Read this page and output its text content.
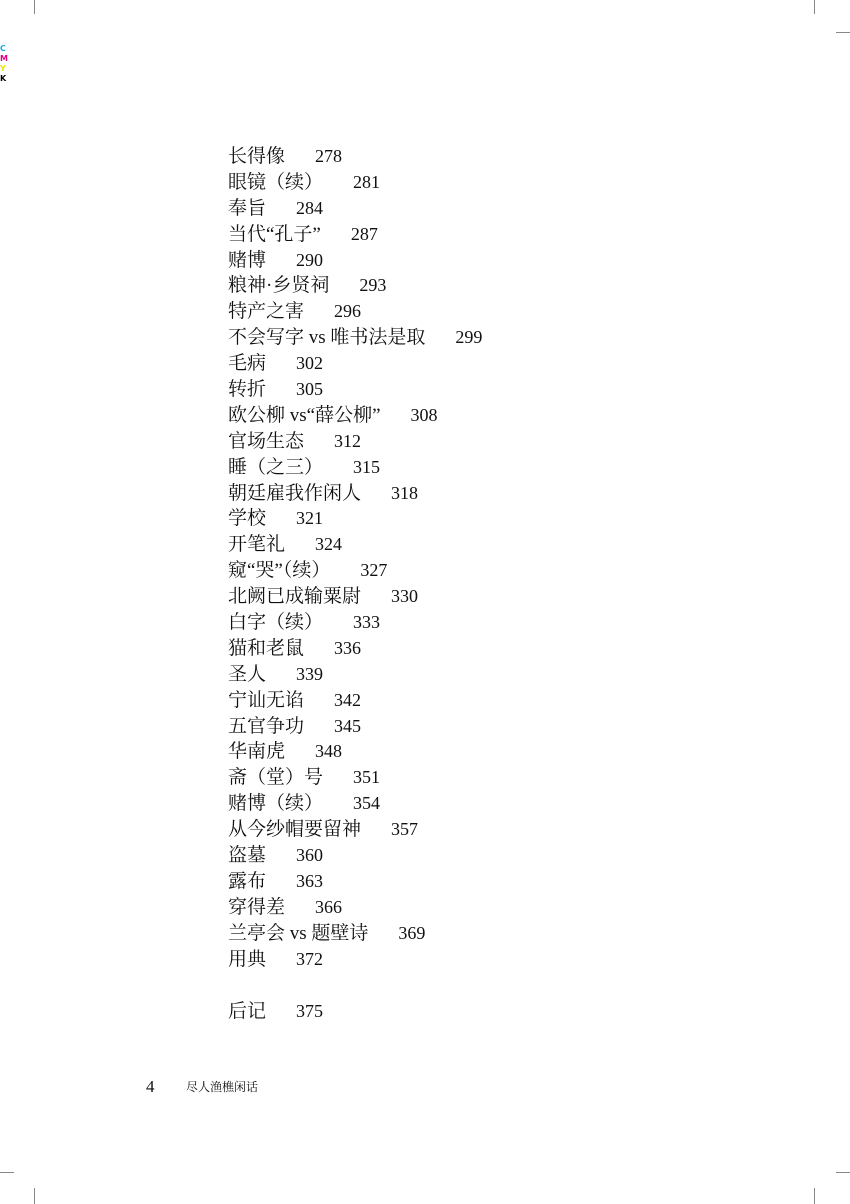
C
M
Y
K
长得像 278
眼镜（续） 281
奉旨 284
当代“孔子” 287
赌博 290
粮神·乡贤祠 293
特产之害 296
不会写字 vs 唯书法是取 299
毛病 302
转折 305
欧公柳 vs“薛公柳” 308
官场生态 312
睡（之三） 315
朝廷雇我作闲人 318
学校 321
开笔礼 324
窥“哭”（续） 327
北阙已成输粟尉 330
白字（续） 333
猫和老鼠 336
圣人 339
宁讪无谄 342
五官争功 345
华南虎 348
斋（堂）号 351
赌博（续） 354
从今纱帽要留神 357
盗墓 360
露布 363
穿得差 366
兰亭会 vs 题壁诗 369
用典 372
后记 375
4	尽人渔樵闲话
